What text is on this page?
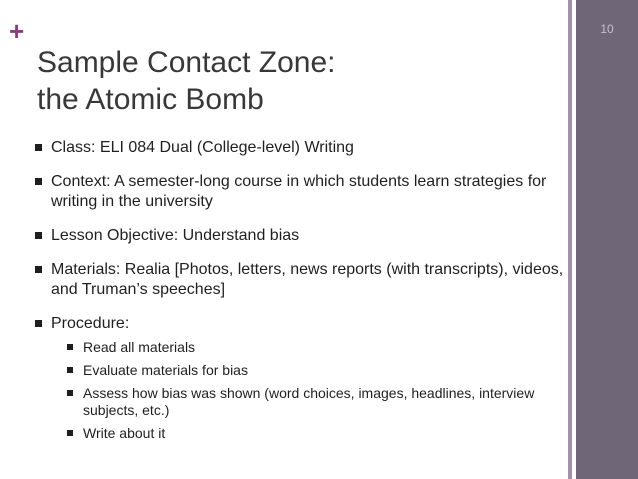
10
+
Sample Contact Zone:
the Atomic Bomb
Class: ELI 084 Dual (College-level) Writing
Context: A semester-long course in which students learn strategies for writing in the university
Lesson Objective: Understand bias
Materials: Realia [Photos, letters, news reports (with transcripts), videos, and Truman’s speeches]
Procedure:
Read all materials
Evaluate materials for bias
Assess how bias was shown (word choices, images, headlines, interview subjects, etc.)
Write about it
